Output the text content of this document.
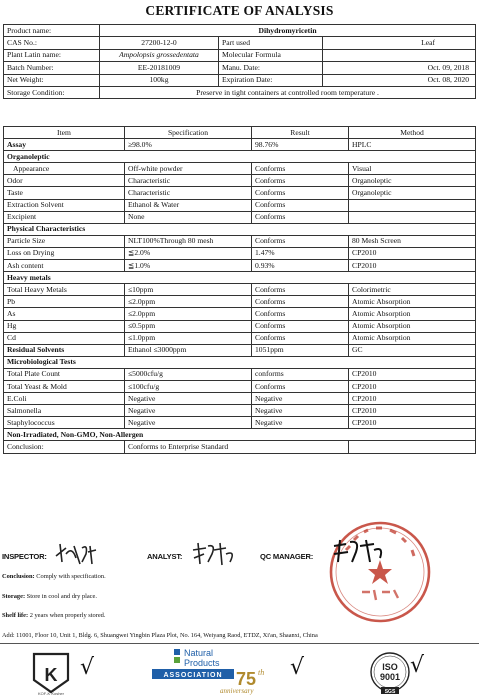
CERTIFICATE OF ANALYSIS
Product name:	Dihydromyricetin		
CAS No.:	27200-12-0	Part used	Leaf
Plant Latin name:	Ampolopsis grossedentata	Molecular Formula	
Batch Number:	EE-20181009	Manu. Date:	Oct. 09, 2018
Net Weight:	100kg	Expiration Date:	Oct. 08, 2020
Storage Condition:	Preserve in tight containers at controlled room temperature .		
Item	Specification	Result	Method
Assay	≥98.0%	98.76%	HPLC
Organoleptic			
Appearance	Off-white powder	Conforms	Visual
Odor	Characteristic	Conforms	Organoleptic
Taste	Characteristic	Conforms	Organoleptic
Extraction Solvent	Ethanol & Water	Conforms	
Excipient	None	Conforms	
Physical Characteristics			
Particle Size	NLT100%Through 80 mesh	Conforms	80 Mesh Screen
Loss on Drying	≦2.0%	1.47%	CP2010
Ash content	≦1.0%	0.93%	CP2010
Heavy metals			
Total Heavy Metals	≤10ppm	Conforms	Colorimetric
Pb	≤2.0ppm	Conforms	Atomic Absorption
As	≤2.0ppm	Conforms	Atomic Absorption
Hg	≤0.5ppm	Conforms	Atomic Absorption
Cd	≤1.0ppm	Conforms	Atomic Absorption
Residual Solvents	Ethanol ≤3000ppm	1051ppm	GC
Microbiological Tests			
Total Plate Count	≤5000cfu/g	conforms	CP2010
Total Yeast & Mold	≤100cfu/g	Conforms	CP2010
E.Coli	Negative	Negative	CP2010
Salmonella	Negative	Negative	CP2010
Staphylococcus	Negative	Negative	CP2010
Non-Irradiated, Non-GMO, Non-Allergen			
Conclusion:	Conforms to Enterprise Standard		
INSPECTOR:	ANALYST:	QC MANAGER:
Conclusion: Comply with specification.
Storage: Store in cool and dry place.
Shelf life: 2 years when properly stored.
Add: 11001, Floor 10, Unit 1, Bldg. 6, Shuangwei Yingbin Plaza Plot, No. 164, Weiyang Raod, ETDZ, Xi'an, Shaanxi, China
K
KOF-K Kosher
√
Natural
Products
ASSOCIATION 75 th
anniversary
√	ISO
9001
SGS
√
